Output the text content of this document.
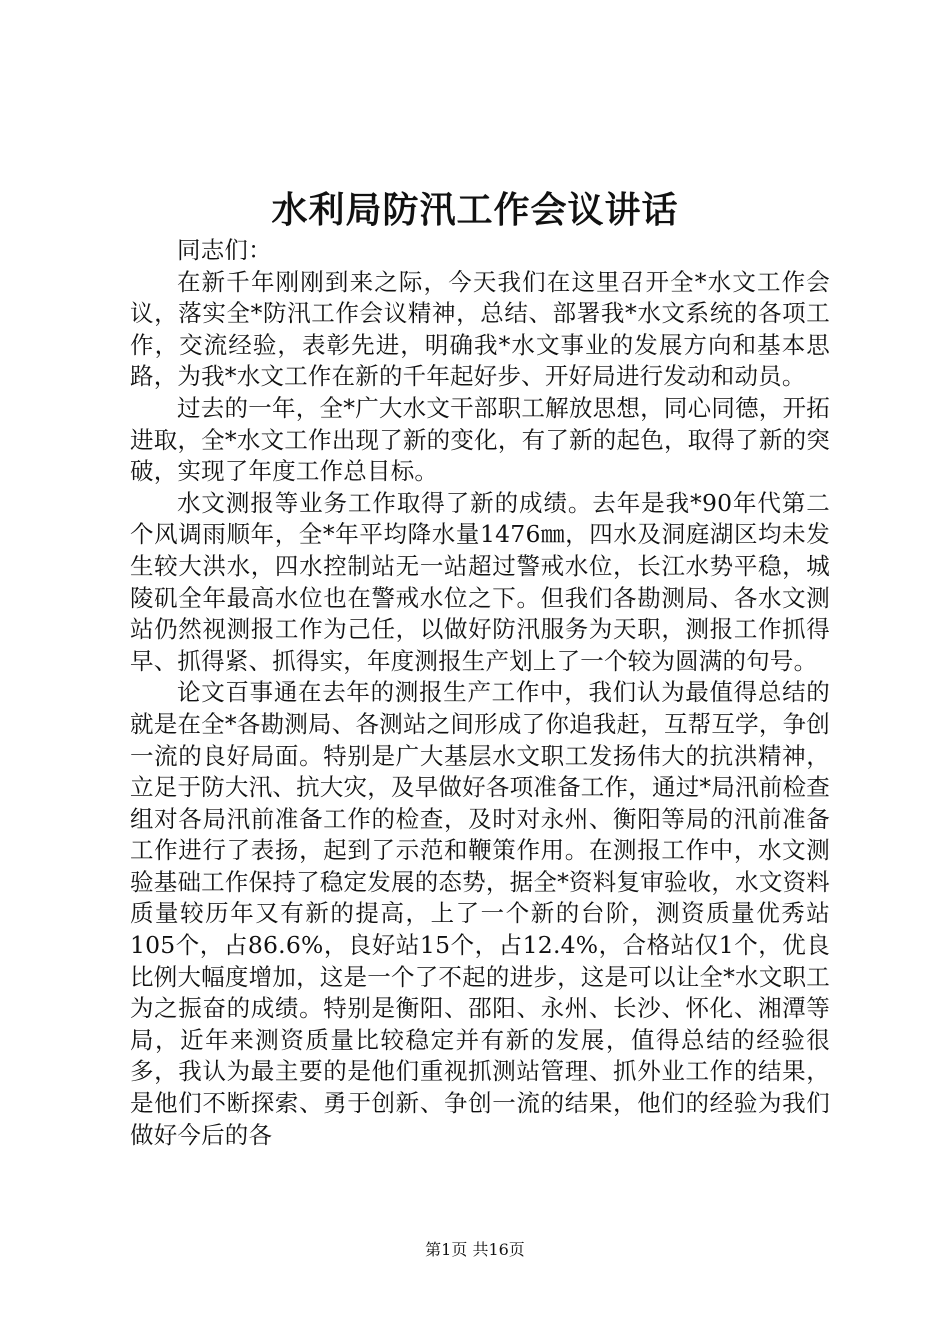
水利局防汛工作会议讲话

同志们：

在新千年刚刚到来之际，今天我们在这里召开全*水文工作会议，落实全*防汛工作会议精神，总结、部署我*水文系统的各项工作，交流经验，表彰先进，明确我*水文事业的发展方向和基本思路，为我*水文工作在新的千年起好步、开好局进行发动和动员。

过去的一年，全*广大水文干部职工解放思想，同心同德，开拓进取，全*水文工作出现了新的变化，有了新的起色，取得了新的突破，实现了年度工作总目标。

水文测报等业务工作取得了新的成绩。去年是我*90年代第二个风调雨顺年，全*年平均降水量1476㎜，四水及洞庭湖区均未发生较大洪水，四水控制站无一站超过警戒水位，长江水势平稳，城陵矶全年最高水位也在警戒水位之下。但我们各勘测局、各水文测站仍然视测报工作为己任，以做好防汛服务为天职，测报工作抓得早、抓得紧、抓得实，年度测报生产划上了一个较为圆满的句号。

论文百事通在去年的测报生产工作中，我们认为最值得总结的就是在全*各勘测局、各测站之间形成了你追我赶，互帮互学，争创一流的良好局面。特别是广大基层水文职工发扬伟大的抗洪精神，立足于防大汛、抗大灾，及早做好各项准备工作，通过*局汛前检查组对各局汛前准备工作的检查，及时对永州、衡阳等局的汛前准备工作进行了表扬，起到了示范和鞭策作用。在测报工作中，水文测验基础工作保持了稳定发展的态势，据全*资料复审验收，水文资料质量较历年又有新的提高，上了一个新的台阶，测资质量优秀站105个，占86.6%，良好站15个，占12.4%，合格站仅1个，优良比例大幅度增加，这是一个了不起的进步，这是可以让全*水文职工为之振奋的成绩。特别是衡阳、邵阳、永州、长沙、怀化、湘潭等局，近年来测资质量比较稳定并有新的发展，值得总结的经验很多，我认为最主要的是他们重视抓测站管理、抓外业工作的结果，是他们不断探索、勇于创新、争创一流的结果，他们的经验为我们做好今后的各

第1页 共16页
